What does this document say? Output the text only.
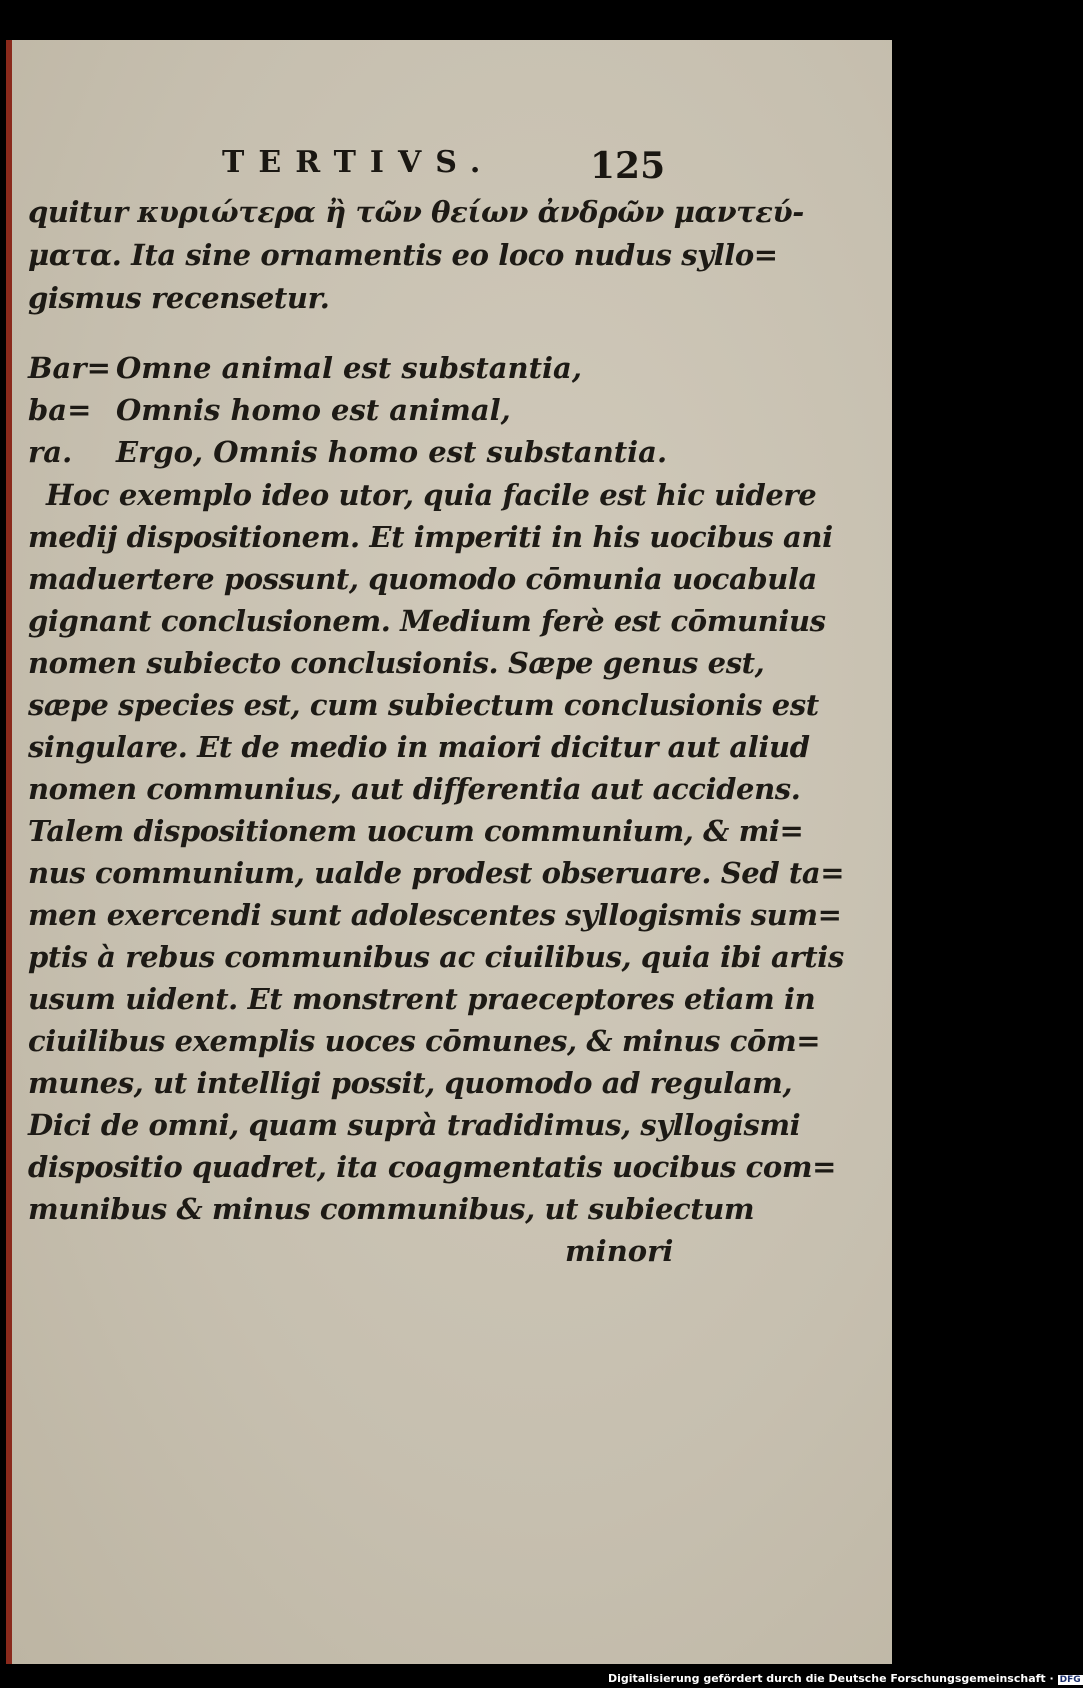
TERTIVS.	125
quitur κυριώτερα ἢ τῶν θείων ἀνδρῶν μαντεύ-
ματα. Ita sine ornamentis eo loco nudus syllo=
gismus recensetur.
Bar= Omne animal est substantia,
ba= Omnis homo est animal,
ra. Ergo, Omnis homo est substantia.
Hoc exemplo ideo utor, quia facile est hic uidere
medij dispositionem. Et imperiti in his uocibus ani
maduertere possunt, quomodo cōmunia uocabula
gignant conclusionem. Medium ferè est cōmunius
nomen subiecto conclusionis. Sæpe genus est,
sæpe species est, cum subiectum conclusionis est
singulare. Et de medio in maiori dicitur aut aliud
nomen communius, aut differentia aut accidens.
Talem dispositionem uocum communium, & mi=
nus communium, ualde prodest obseruare. Sed ta=
men exercendi sunt adolescentes syllogismis sum=
ptis à rebus communibus ac ciuilibus, quia ibi artis
usum uident. Et monstrent praeceptores etiam in
ciuilibus exemplis uoces cōmunes, & minus cōm=
munes, ut intelligi possit, quomodo ad regulam,
Dici de omni, quam suprà tradidimus, syllogismi
dispositio quadret, ita coagmentatis uocibus com=
munibus & minus communibus, ut subiectum
minori
Digitalisierung gefördert durch die Deutsche Forschungsgemeinschaft · DFG
